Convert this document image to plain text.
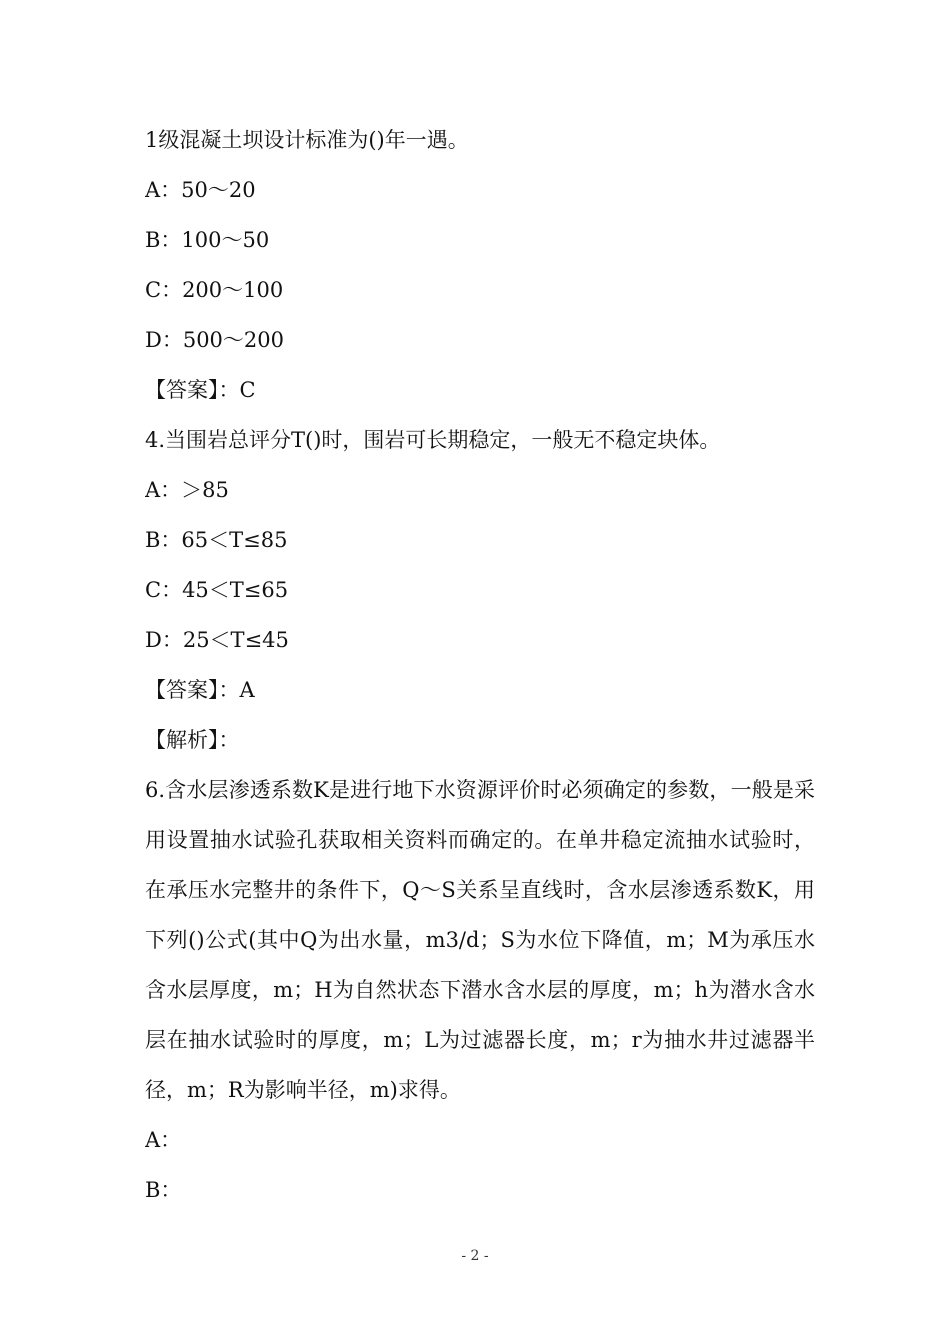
1级混凝土坝设计标准为()年一遇。
A：50～20
B：100～50
C：200～100
D：500～200
【答案】：C
4.当围岩总评分T()时，围岩可长期稳定，一般无不稳定块体。
A：＞85
B：65＜T≤85
C：45＜T≤65
D：25＜T≤45
【答案】：A
【解析】：
6.含水层渗透系数K是进行地下水资源评价时必须确定的参数，一般是采用设置抽水试验孔获取相关资料而确定的。在单井稳定流抽水试验时，在承压水完整井的条件下，Q～S关系呈直线时，含水层渗透系数K，用下列()公式(其中Q为出水量，m3/d；S为水位下降值，m；M为承压水含水层厚度，m；H为自然状态下潜水含水层的厚度，m；h为潜水含水层在抽水试验时的厚度，m；L为过滤器长度，m；r为抽水井过滤器半径，m；R为影响半径，m)求得。
A：
B：
- 2 -
